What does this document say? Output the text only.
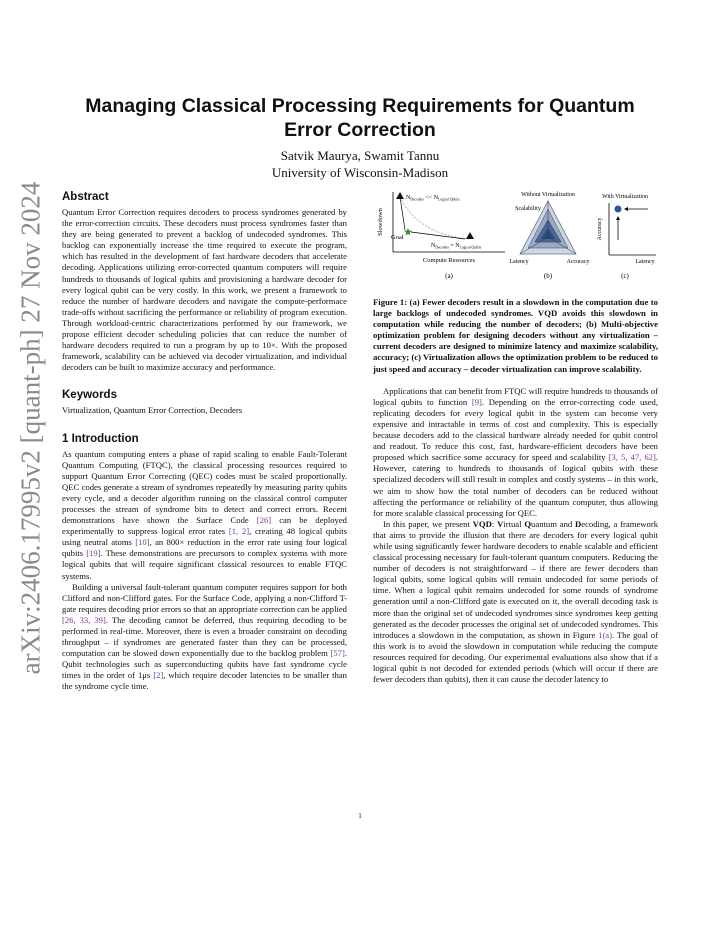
arXiv:2406.17995v2 [quant-ph] 27 Nov 2024
Managing Classical Processing Requirements for Quantum Error Correction
Satvik Maurya, Swamit Tannu
University of Wisconsin-Madison
Abstract

Quantum Error Correction requires decoders to process syndromes generated by the error-correction circuits. These decoders must process syndromes faster than they are being generated to prevent a backlog of undecoded syndromes. This backlog can exponentially increase the time required to execute the program, which has resulted in the development of fast hardware decoders that accelerate decoding. Applications utilizing error-corrected quantum computers will require hundreds to thousands of logical qubits and provisioning a hardware decoder for every logical qubit can be very costly. In this work, we present a framework to reduce the number of hardware decoders and navigate the compute-performace trade-offs without sacrificing the performance or reliability of program execution. Through workload-centric characterizations performed by our framework, we propose efficient decoder scheduling policies that can reduce the number of hardware decoders required to run a program by up to 10×. With the proposed framework, scalability can be achieved via decoder virtualization, and individual decoders can be built to maximize accuracy and performance.

Keywords

Virtualization, Quantum Error Correction, Decoders

1 Introduction

As quantum computing enters a phase of rapid scaling to enable Fault-Tolerant Quantum Computing (FTQC), the classical processing resources required to support Quantum Error Correcting (QEC) codes must be scaled proportionally. QEC codes generate a stream of syndromes repeatedly by measuring parity qubits every cycle, and a decoder algorithm running on the classical control computer processes the stream of syndrome bits to detect and correct errors. Recent demonstrations have shown the Surface Code [26] can be deployed experimentally to suppress logical error rates [1, 2], creating 48 logical qubits using neutral atoms [10], an 800× reduction in the error rate using four logical qubits [19]. These demonstrations are precursors to complex systems with more logical qubits that will require significant classical resources to enable FTQC systems.

Building a universal fault-tolerant quantum computer requires support for both Clifford and non-Clifford gates. For the Surface Code, applying a non-Clifford T-gate requires decoding prior errors so that an appropriate correction can be applied [26, 33, 39]. The decoding cannot be deferred, thus requiring decoding to be performed in real-time. Moreover, there is even a broader constraint on decoding throughput – if syndromes are generated faster than they can be processed, computation can be slowed down exponentially due to the backlog problem [57]. Qubit technologies such as superconducting qubits have fast syndrome cycle times in the order of 1μs [2], which require decoder latencies to be smaller than the syndrome cycle time.

Slowdown
Compute Resources
Goal
$N_{Decoders} << N_{Logical Qubits}$
$N_{Decoders} = N_{Logical Qubits}$
(a)
Without Virtualization
Scalability
Latency	Accuracy
(b)
With Virtualization
Accuracy
Latency
(c)

Figure 1: (a) Fewer decoders result in a slowdown in the computation due to large backlogs of undecoded syndromes. VQD avoids this slowdown in computation while reducing the number of decoders; (b) Multi-objective optimization problem for designing decoders without any virtualization – current decoders are designed to minimize latency and maximize scalability, accuracy; (c) Virtualization allows the optimization problem to be reduced to just speed and accuracy – decoder virtualization can improve scalability.

Applications that can benefit from FTQC will require hundreds to thousands of logical qubits to function [9]. Depending on the error-correcting code used, replicating decoders for every logical qubit in the system can become very expensive and intractable in terms of cost and complexity. This is especially because decoders add to the classical hardware already needed for qubit control and readout. To reduce this cost, fast, hardware-efficient decoders have been proposed which sacrifice some accuracy for speed and scalability [3, 5, 47, 62]. However, catering to hundreds to thousands of logical qubits with these specialized decoders will still result in complex and costly systems – in this work, we aim to show how the total number of decoders can be reduced without affecting the performance or reliability of the quantum computer, thus allowing for more scalable classical processing for QEC.

In this paper, we present VQD: Virtual Quantum and Decoding, a framework that aims to provide the illusion that there are decoders for every logical qubit while using significantly fewer hardware decoders to enable scalable and efficient classical processing necessary for fault-tolerant quantum computers. Reducing the number of decoders is not straightforward – if there are fewer decoders than logical qubits, some logical qubits will remain undecoded for some periods of time. When a logical qubit remains undecoded for some rounds of syndrome generation until a non-Clifford gate is executed on it, the overall decoding task is more than the original set of undecoded syndromes since syndromes keep getting generated as the decoder processes the original set of undecoded syndromes. This introduces a slowdown in the computation, as shown in Figure 1(a). The goal of this work is to avoid the slowdown in computation while reducing the compute resources required for decoding. Our experimental evaluations also show that if a logical qubit is not decoded for extended periods (which will occur if there are fewer decoders than qubits), then it can cause the decoder latency to

1
